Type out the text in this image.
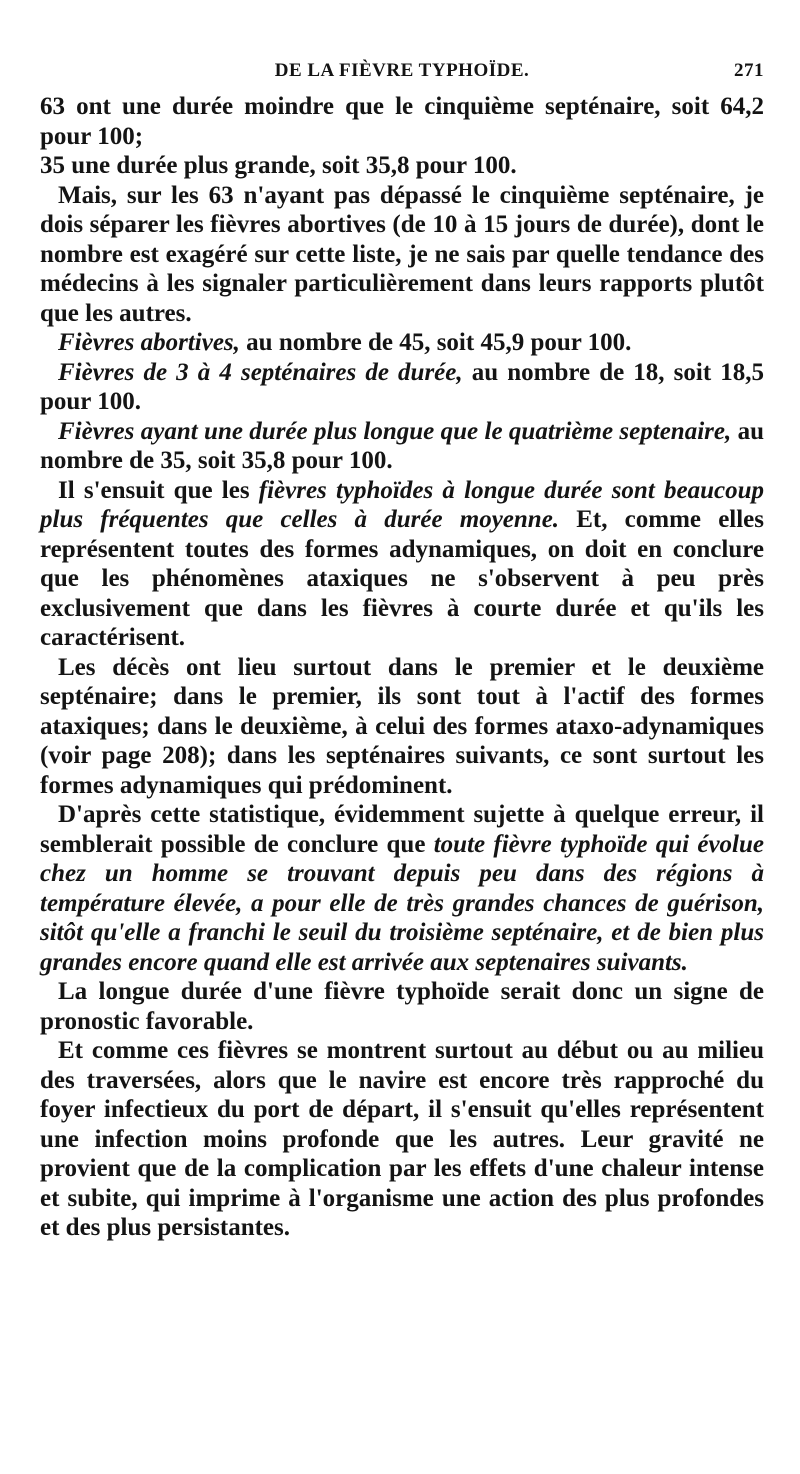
DE LA FIÈVRE TYPHOÏDE.	271

63 ont une durée moindre que le cinquième septénaire, soit 64,2 pour 100;

35 une durée plus grande, soit 35,8 pour 100.

Mais, sur les 63 n'ayant pas dépassé le cinquième septénaire, je dois séparer les fièvres abortives (de 10 à 15 jours de durée), dont le nombre est exagéré sur cette liste, je ne sais par quelle tendance des médecins à les signaler particulièrement dans leurs rapports plutôt que les autres.

Fièvres abortives, au nombre de 45, soit 45,9 pour 100.

Fièvres de 3 à 4 septénaires de durée, au nombre de 18, soit 18,5 pour 100.

Fièvres ayant une durée plus longue que le quatrième septenaire, au nombre de 35, soit 35,8 pour 100.

Il s'ensuit que les fièvres typhoïdes à longue durée sont beaucoup plus fréquentes que celles à durée moyenne. Et, comme elles représentent toutes des formes adynamiques, on doit en conclure que les phénomènes ataxiques ne s'observent à peu près exclusivement que dans les fièvres à courte durée et qu'ils les caractérisent.

Les décès ont lieu surtout dans le premier et le deuxième septénaire; dans le premier, ils sont tout à l'actif des formes ataxiques; dans le deuxième, à celui des formes ataxo-adynamiques (voir page 208); dans les septénaires suivants, ce sont surtout les formes adynamiques qui prédominent.

D'après cette statistique, évidemment sujette à quelque erreur, il semblerait possible de conclure que toute fièvre typhoïde qui évolue chez un homme se trouvant depuis peu dans des régions à température élevée, a pour elle de très grandes chances de guérison, sitôt qu'elle a franchi le seuil du troisième septénaire, et de bien plus grandes encore quand elle est arrivée aux septenaires suivants.

La longue durée d'une fièvre typhoïde serait donc un signe de pronostic favorable.

Et comme ces fièvres se montrent surtout au début ou au milieu des traversées, alors que le navire est encore très rapproché du foyer infectieux du port de départ, il s'ensuit qu'elles représentent une infection moins profonde que les autres. Leur gravité ne provient que de la complication par les effets d'une chaleur intense et subite, qui imprime à l'organisme une action des plus profondes et des plus persistantes.
